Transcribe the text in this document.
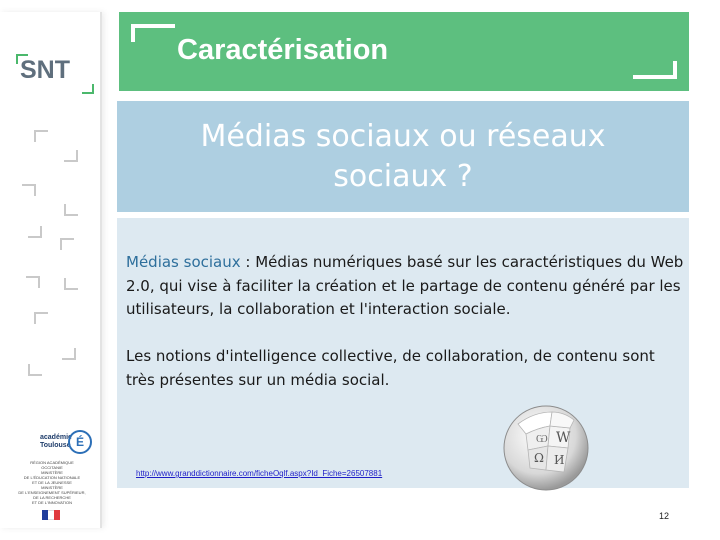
SNT
académie
Toulouse É
RÉGION ACADÉMIQUE
OCCITANIE
MINISTÈRE
DE L'ÉDUCATION NATIONALE
ET DE LA JEUNESSE
MINISTÈRE
DE L'ENSEIGNEMENT SUPÉRIEUR,
DE LA RECHERCHE
ET DE L'INNOVATION
Caractérisation
Médias sociaux ou réseaux sociaux ?
Médias sociaux : Médias numériques basé sur les caractéristiques du Web 2.0, qui vise à faciliter la création et le partage de contenu généré par les utilisateurs, la collaboration et l'interaction sociale.
Les notions d'intelligence collective, de collaboration, de contenu sont très présentes sur un média social.
http://www.granddictionnaire.com/ficheOqlf.aspx?Id_Fiche=26507881
W
Ω И
Ѡ
12
